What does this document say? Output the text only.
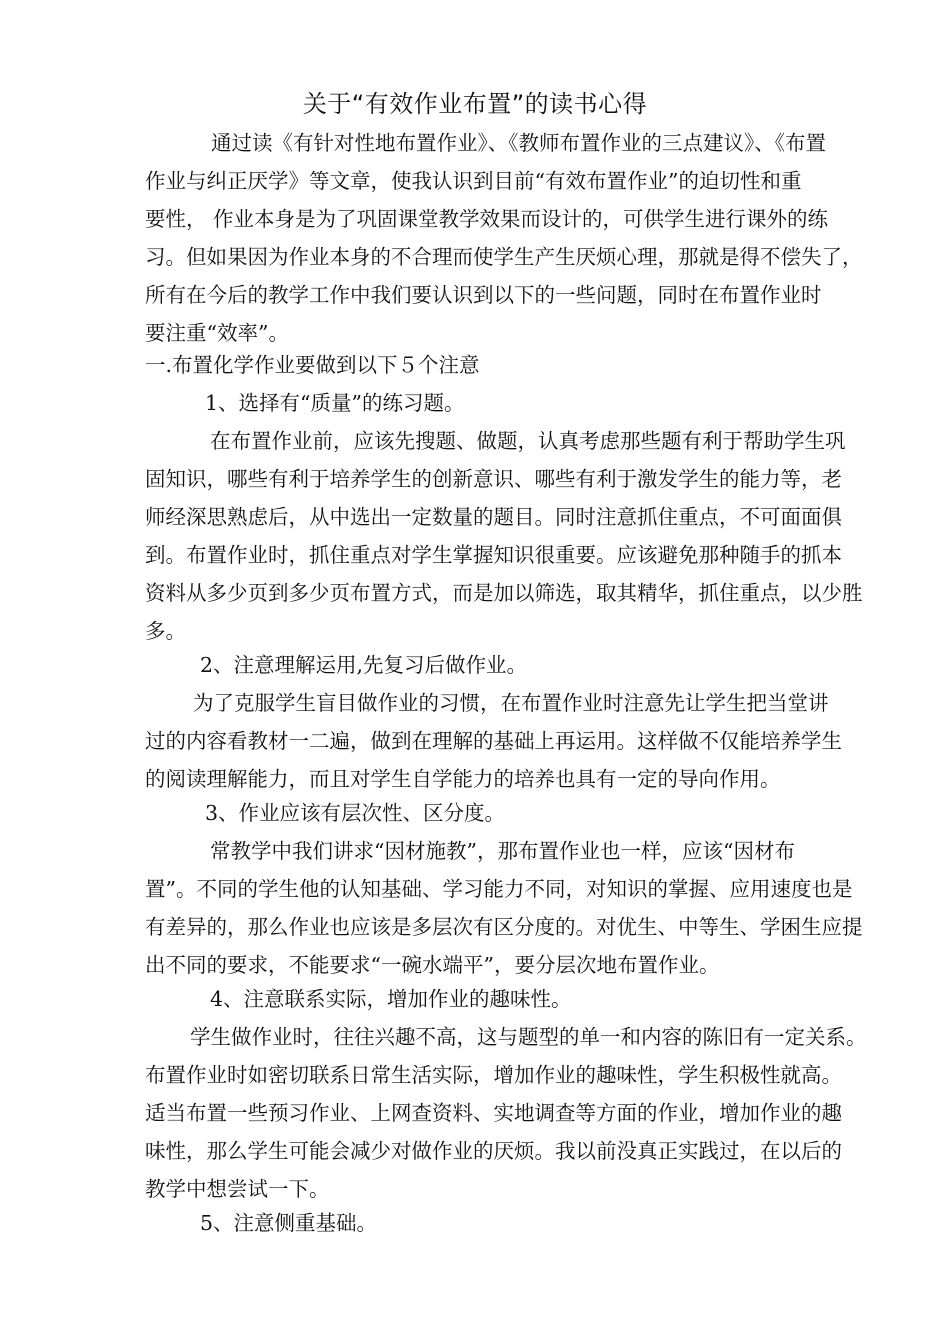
关于“有效作业布置”的读书心得
通过读《有针对性地布置作业》、《教师布置作业的三点建议》、《布置
作业与纠正厌学》等文章，使我认识到目前“有效布置作业”的迫切性和重
要性， 作业本身是为了巩固课堂教学效果而设计的，可供学生进行课外的练
习。但如果因为作业本身的不合理而使学生产生厌烦心理，那就是得不偿失了，
所有在今后的教学工作中我们要认识到以下的一些问题，同时在布置作业时
要注重“效率”。
一.布置化学作业要做到以下５个注意
1、选择有“质量”的练习题。
在布置作业前，应该先搜题、做题，认真考虑那些题有利于帮助学生巩
固知识，哪些有利于培养学生的创新意识、哪些有利于激发学生的能力等，老
师经深思熟虑后，从中选出一定数量的题目。同时注意抓住重点，不可面面俱
到。布置作业时，抓住重点对学生掌握知识很重要。应该避免那种随手的抓本
资料从多少页到多少页布置方式，而是加以筛选，取其精华，抓住重点，以少胜
多。
2、注意理解运用,先复习后做作业。
为了克服学生盲目做作业的习惯，在布置作业时注意先让学生把当堂讲
过的内容看教材一二遍，做到在理解的基础上再运用。这样做不仅能培养学生
的阅读理解能力，而且对学生自学能力的培养也具有一定的导向作用。
3、作业应该有层次性、区分度。
常教学中我们讲求“因材施教”，那布置作业也一样，应该“因材布
置”。不同的学生他的认知基础、学习能力不同，对知识的掌握、应用速度也是
有差异的，那么作业也应该是多层次有区分度的。对优生、中等生、学困生应提
出不同的要求，不能要求“一碗水端平”，要分层次地布置作业。
4、注意联系实际，增加作业的趣味性。
学生做作业时，往往兴趣不高，这与题型的单一和内容的陈旧有一定关系。
布置作业时如密切联系日常生活实际，增加作业的趣味性，学生积极性就高。
适当布置一些预习作业、上网查资料、实地调查等方面的作业，增加作业的趣
味性，那么学生可能会减少对做作业的厌烦。我以前没真正实践过，在以后的
教学中想尝试一下。
5、注意侧重基础。
